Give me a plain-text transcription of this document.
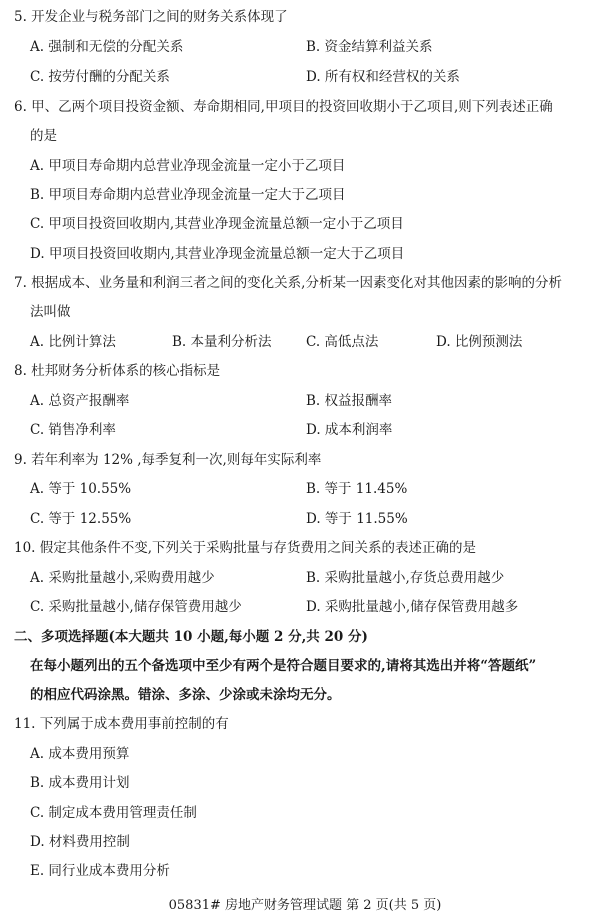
5. 开发企业与税务部门之间的财务关系体现了
A. 强制和无偿的分配关系	B. 资金结算利益关系
C. 按劳付酬的分配关系	D. 所有权和经营权的关系
6. 甲、乙两个项目投资金额、寿命期相同,甲项目的投资回收期小于乙项目,则下列表述正确
的是
A. 甲项目寿命期内总营业净现金流量一定小于乙项目
B. 甲项目寿命期内总营业净现金流量一定大于乙项目
C. 甲项目投资回收期内,其营业净现金流量总额一定小于乙项目
D. 甲项目投资回收期内,其营业净现金流量总额一定大于乙项目
7. 根据成本、业务量和利润三者之间的变化关系,分析某一因素变化对其他因素的影响的分析
法叫做
A. 比例计算法	B. 本量利分析法	C. 高低点法	D. 比例预测法
8. 杜邦财务分析体系的核心指标是
A. 总资产报酬率	B. 权益报酬率
C. 销售净利率	D. 成本利润率
9. 若年利率为 12% ,每季复利一次,则每年实际利率
A. 等于 10.55%	B. 等于 11.45%
C. 等于 12.55%	D. 等于 11.55%
10. 假定其他条件不变,下列关于采购批量与存货费用之间关系的表述正确的是
A. 采购批量越小,采购费用越少	B. 采购批量越小,存货总费用越少
C. 采购批量越小,储存保管费用越少	D. 采购批量越小,储存保管费用越多
二、多项选择题(本大题共 10 小题,每小题 2 分,共 20 分)
在每小题列出的五个备选项中至少有两个是符合题目要求的,请将其选出并将“答题纸”
的相应代码涂黑。错涂、多涂、少涂或未涂均无分。
11. 下列属于成本费用事前控制的有
A. 成本费用预算
B. 成本费用计划
C. 制定成本费用管理责任制
D. 材料费用控制
E. 同行业成本费用分析
05831# 房地产财务管理试题 第 2 页(共 5 页)
